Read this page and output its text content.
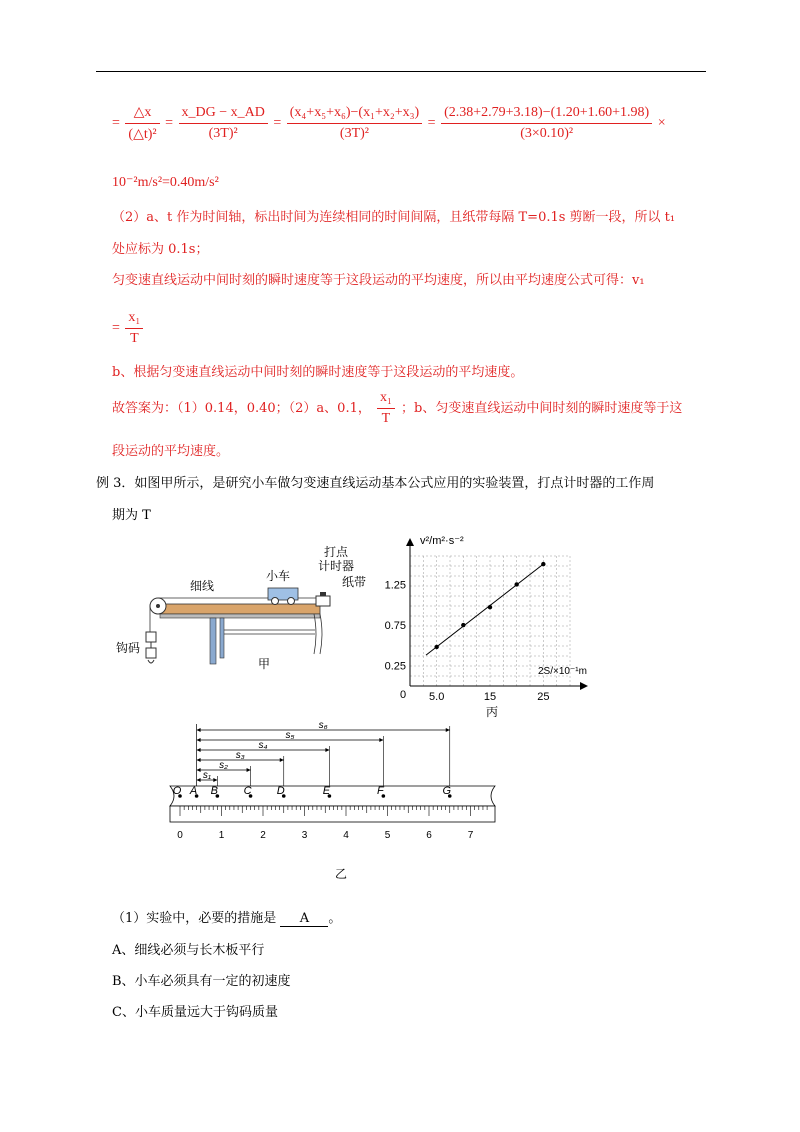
= $\frac{\triangle x}{\text{(△t)²}} = \frac{x\_DG - x\_AD}{\text{(3T)²}} = \frac{\text{(x₄+x₅+x₆)−(x₁+x₂+x₃)}}{\text{(3T)²}} = \frac{(2.38+2.79+3.18)-(1.20+1.60+1.98)}{\text{(3×0.10)²}}$ ×
10⁻²m/s²=0.40m/s²
（2）a、t 作为时间轴，标出时间为连续相同的时间间隔，且纸带每隔 T=0.1s 剪断一段，所以 t₁
处应标为 0.1s；
匀变速直线运动中间时刻的瞬时速度等于这段运动的平均速度，所以由平均速度公式可得：v₁
= $\frac{\text{x₁}}{T}$
b、根据匀变速直线运动中间时刻的瞬时速度等于这段运动的平均速度。
故答案为：（1）0.14，0.40；（2）a、0.1， $\frac{\text{x₁}}{T}$ ；b、匀变速直线运动中间时刻的瞬时速度等于这
段运动的平均速度。
例 3．如图甲所示，是研究小车做匀变速直线运动基本公式应用的实验装置，打点计时器的工作周
期为 T
细线
小车
打点
计时器
纸带
钩码
甲	0.25
0.75
1.25
5.0	15	25
v²/m²·s⁻²
2S/×10⁻¹m
0
丙
s₁
s₂
s₃
s₄
s₅
s₆
O A B C D	E	F	G
0	1	2	3	4	5	6	7
乙
（1）实验中，必要的措施是 A 。
A、细线必须与长木板平行
B、小车必须具有一定的初速度
C、小车质量远大于钩码质量
